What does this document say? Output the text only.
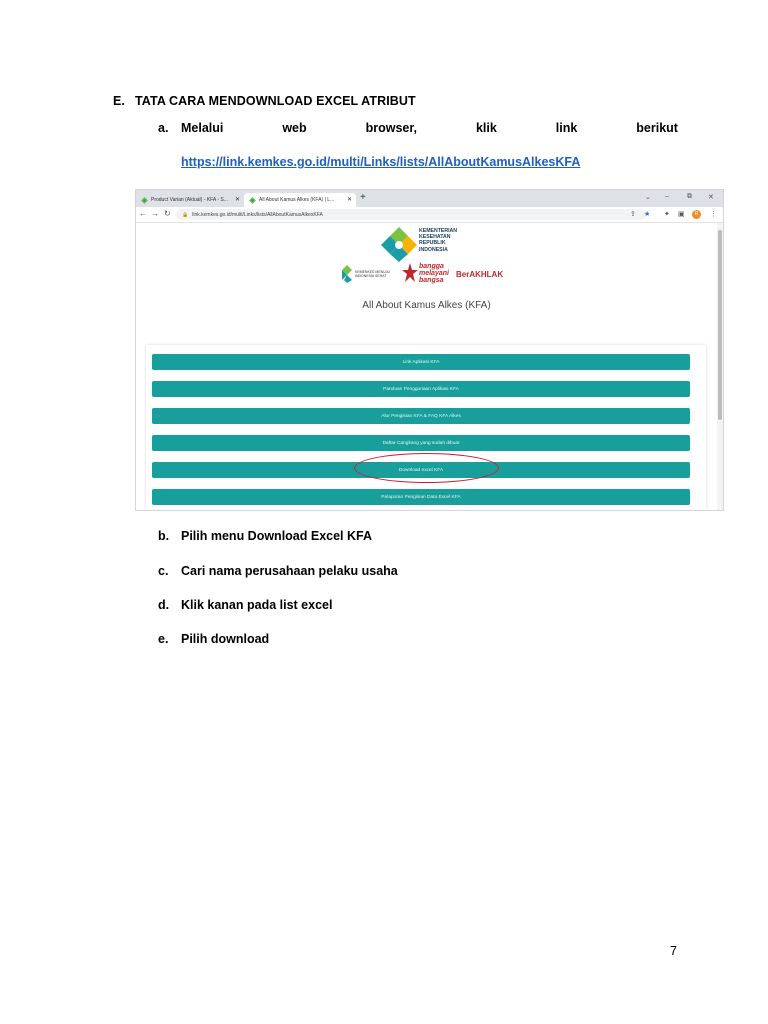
E. TATA CARA MENDOWNLOAD EXCEL ATRIBUT
a. Melalui	web	browser,	klik	link	berikut
https://link.kemkes.go.id/multi/Links/lists/AllAboutKamusAlkesKFA
Product Varian (Aktual) - KFA - S... ✕	All About Kamus Alkes (KFA) | L... ✕ +	⌄ –	⧉ ✕
← → ↻ 🔒 link.kemkes.go.id/multi/Links/lists/AllAboutKamusAlkesKFA	⇪ ★ ✦ ▣	R	⋮
KEMENTERIAN
KESEHATAN
REPUBLIK
INDONESIA
KEMENKES MENUJU
INDONESIA SEHAT
bangga
melayani
bangsa
BerAKHLAK
All About Kamus Alkes (KFA)
Link Aplikasi KFA
Panduan Penggunaan Aplikasi KFA
Alur Pengisian KFA & FAQ KFA Alkes
Daftar Cangkang yang sudah dibuat
Download excel KFA
Pelaporan Pengisian Data Excel KFA
b. Pilih menu Download Excel KFA
c. Cari nama perusahaan pelaku usaha
d. Klik kanan pada list excel
e. Pilih download
7
